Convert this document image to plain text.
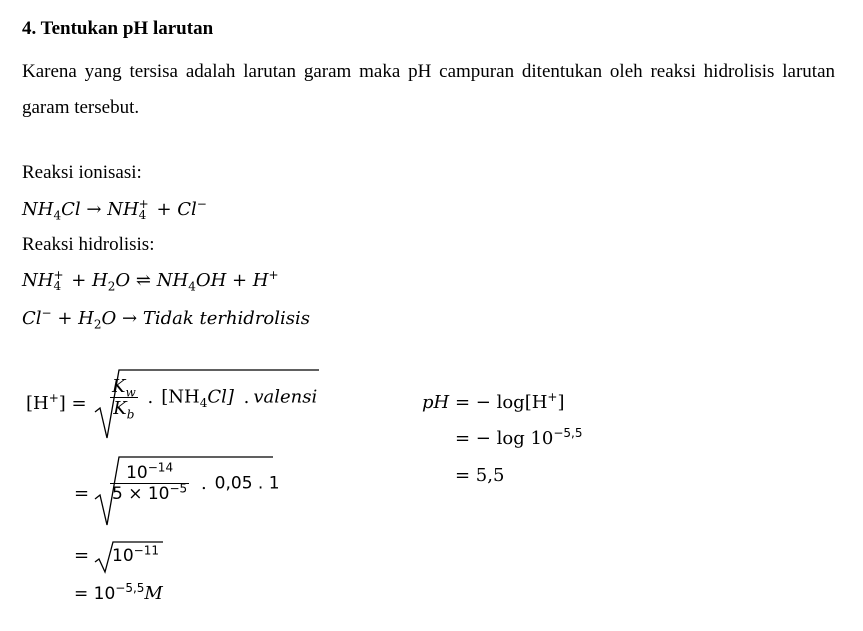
4. Tentukan pH larutan
Karena yang tersisa adalah larutan garam maka pH campuran ditentukan oleh reaksi hidrolisis larutan garam tersebut.
Reaksi ionisasi:
$NH_4Cl$ → NH +
4 + Cl−
Reaksi hidrolisis:
NH +
$4 + H_2O$ ⇌ $NH_4OH + H^+$
$Cl^- + H_2O$ → Tidak terhidrolisis
$[H^+] = \frac{K_w}{K_b}$ . $[NH_4Cl]$ . valensi
= $\frac{10^{-14}}{5 \times 10^{-5}}$ . 0,05 . 1
= $10^{-11}$
= $10^{-5,5}M$
pH = − log[H+]
= − $\log 10^{-5,5}$
= 5,5
